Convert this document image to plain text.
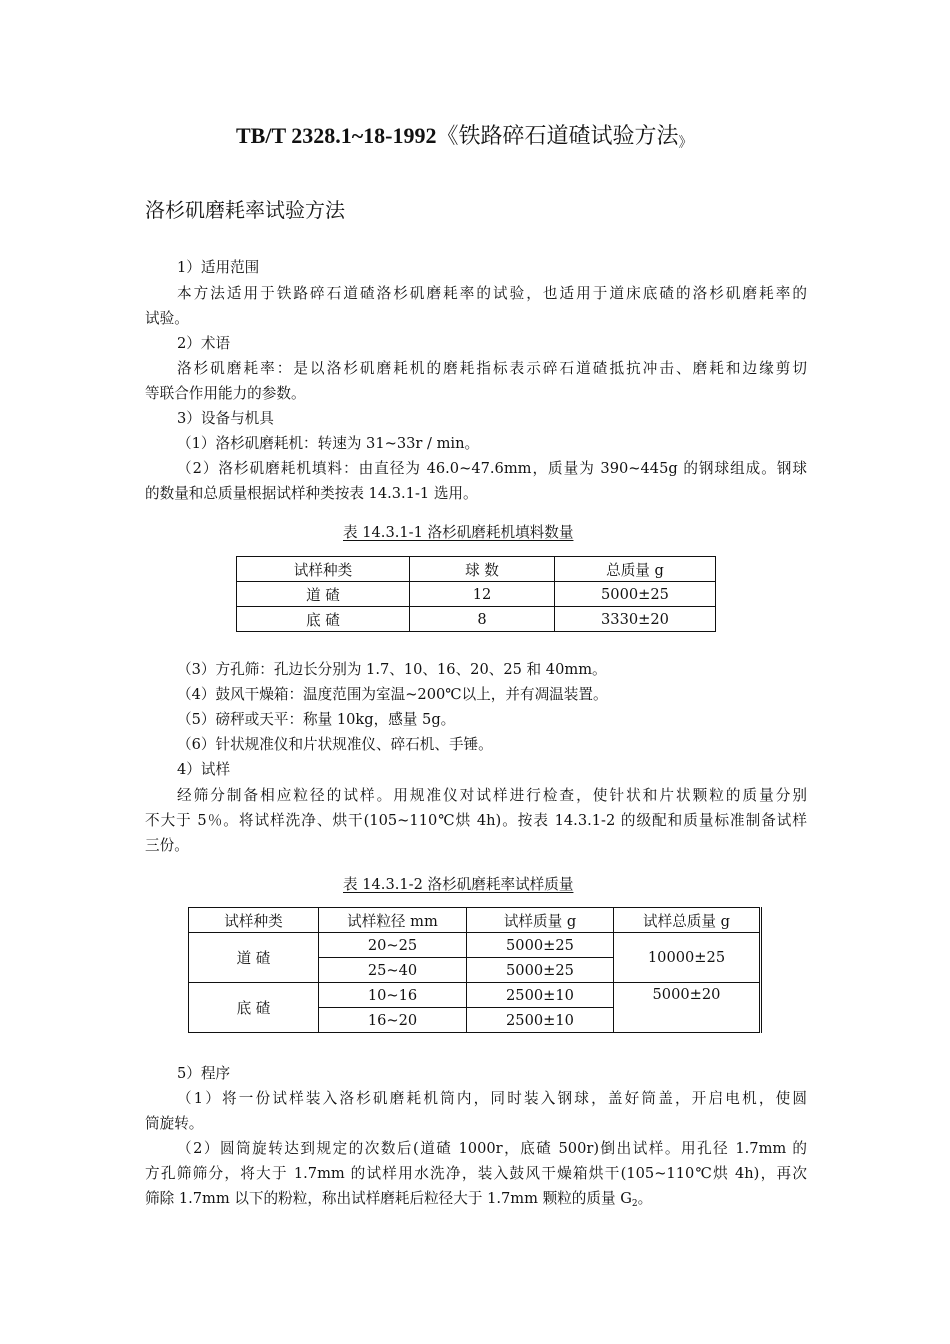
TB/T 2328.1~18-1992《铁路碎石道碴试验方法》
洛杉矶磨耗率试验方法
1）适用范围
本方法适用于铁路碎石道碴洛杉矶磨耗率的试验，也适用于道床底碴的洛杉矶磨耗率的
试验。
2）术语
洛杉矶磨耗率：是以洛杉矶磨耗机的磨耗指标表示碎石道碴抵抗冲击、磨耗和边缘剪切
等联合作用能力的参数。
3）设备与机具
（1）洛杉矶磨耗机：转速为 31~33r / min。
（2）洛杉矶磨耗机填料：由直径为 46.0~47.6mm，质量为 390~445g 的钢球组成。钢球
的数量和总质量根据试样种类按表 14.3.1-1 选用。
表 14.3.1-1 洛杉矶磨耗机填料数量
试样种类	球 数	总质量 g
道 碴	12	5000±25
底 碴	8	3330±20
（3）方孔筛：孔边长分别为 1.7、10、16、20、25 和 40mm。
（4）鼓风干燥箱：温度范围为室温~200℃以上，并有凋温装置。
（5）磅秤或天平：称量 10kg，感量 5g。
（6）针状规准仪和片状规准仪、碎石机、手锤。
4）试样
经筛分制备相应粒径的试样。用规准仪对试样进行检查，使针状和片状颗粒的质量分别
不大于 5％。将试样洗净、烘干(105~110℃烘 4h)。按表 14.3.1-2 的级配和质量标准制备试样
三份。
表 14.3.1-2 洛杉矶磨耗率试样质量
试样种类	试样粒径 mm	试样质量 g	试样总质量 g
道 碴	20~25	5000±25	10000±25
	25~40	5000±25	
底 碴	10~16	2500±10	5000±20
	16~20	2500±10	
5）程序
（1）将一份试样装入洛杉矶磨耗机筒内，同时装入钢球，盖好筒盖，开启电机，使圆
筒旋转。
（2）圆筒旋转达到规定的次数后(道碴 1000r，底碴 500r)倒出试样。用孔径 1.7mm 的
方孔筛筛分，将大于 1.7mm 的试样用水洗净，装入鼓风干燥箱烘干(105~110℃烘 4h)，再次
筛除 1.7mm 以下的粉粒，称出试样磨耗后粒径大于 1.7mm 颗粒的质量 $G_2$。
